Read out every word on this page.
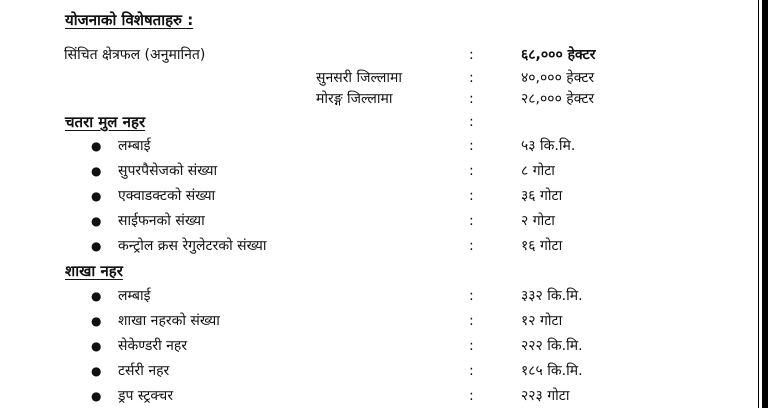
योजनाको विशेषताहरु :
सिंचित क्षेत्रफल (अनुमानित)	:	६८,००० हेक्टर
सुनसरी जिल्लामा	:	४०,००० हेक्टर
मोरङ्ग जिल्लामा	:	२८,००० हेक्टर
चतरा मुल नहर	:
● लम्बाई	:	५३ कि.मि.
● सुपरपैसेजको संख्या	:	८ गोटा
● एक्वाडक्टको संख्या	:	३६ गोटा
● साईफनको संख्या	:	२ गोटा
● कन्ट्रोल क्रस रेगुलेटरको संख्या	:	१६ गोटा
शाखा नहर
● लम्बाई	:	३३२ कि.मि.
● शाखा नहरको संख्या	:	१२ गोटा
● सेकेण्डरी नहर	:	२२२ कि.मि.
● टर्सरी नहर	:	१८५ कि.मि.
● ड्रप स्ट्रक्चर	:	२२३ गोटा
